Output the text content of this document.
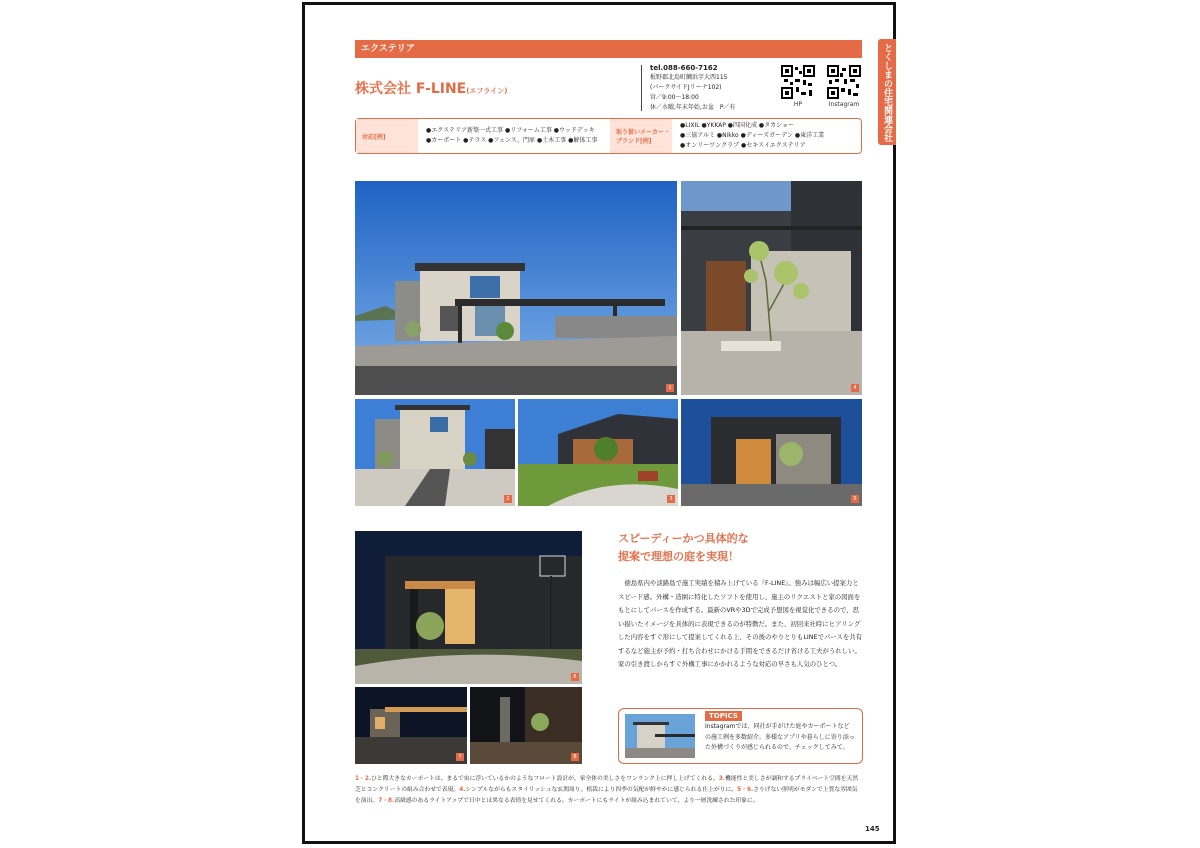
エクステリア	とくしまの住宅関連会社
株式会社 F-LINE(エフライン)
tel.088-660-7162
板野郡北島町鯛浜字大西115
(パークサイドJリーナ102)
営／9:00〜18:00
休／水曜,年末年始,お盆　P／有	HP	Instagram
対応[例]
●エクステリア新築一式工事 ●リフォーム工事 ●ウッドデッキ
●カーポート ●テラス ●フェンス、門扉 ●土木工事 ●解体工事
取り扱いメーカー・
ブランド[例]
●LIXIL ●YKKAP ●四国化成 ●タカショー
●三協アルミ ●Nikko ●ディーズガーデン ●東洋工業
●オンリーワンクラブ ●セキスイエクステリア
1	4
2	3	5
6
7	8
スピーディーかつ具体的な
提案で理想の庭を実現！
徳島県内や淡路島で施工実績を積み上げている『F-LINE』。強みは幅広い提案力とスピード感。外構・造園に特化したソフトを使用し、施主のリクエストと家の図面をもとにしてパースを作成する。最新のVRや3Dで完成予想図を視覚化できるので、思い描いたイメージを具体的に表現できるのが特徴だ。また、初回来社時にヒアリングした内容をすぐ形にして提案してくれる上、その後のやりとりもLINEでパースを共有するなど施主が予約・打ち合わせにかける手間をできるだけ省ける工夫がうれしい。家の引き渡しからすぐ外構工事にかかれるような対応の早さも人気のひとつ。
TOPICS
Instagramでは、同社が手がけた庭やカーポートなどの施工例を多数紹介。多様なアプリや暮らしに寄り添った外構づくりが感じられるので、チェックしてみて。
1・2.ひと際大きなカーポートは、まるで宙に浮いているかのようなフロート設計が、家全体の美しさをワンランク上に押し上げてくれる。3.機能性と美しさが調和するプライベート空間を天然芝とコンクリートの組み合わせで表現。4.シンプルながらもスタイリッシュな玄関周り。植栽により四季の気配が鮮やかに感じられる仕上がりに。5・6.さりげない照明がモダンで上質な雰囲気を演出。7・8.高級感のあるライトアップで日中とは異なる表情を見せてくれる。カーポートにもライトが組み込まれていて、より一層洗練された印象に。
145
